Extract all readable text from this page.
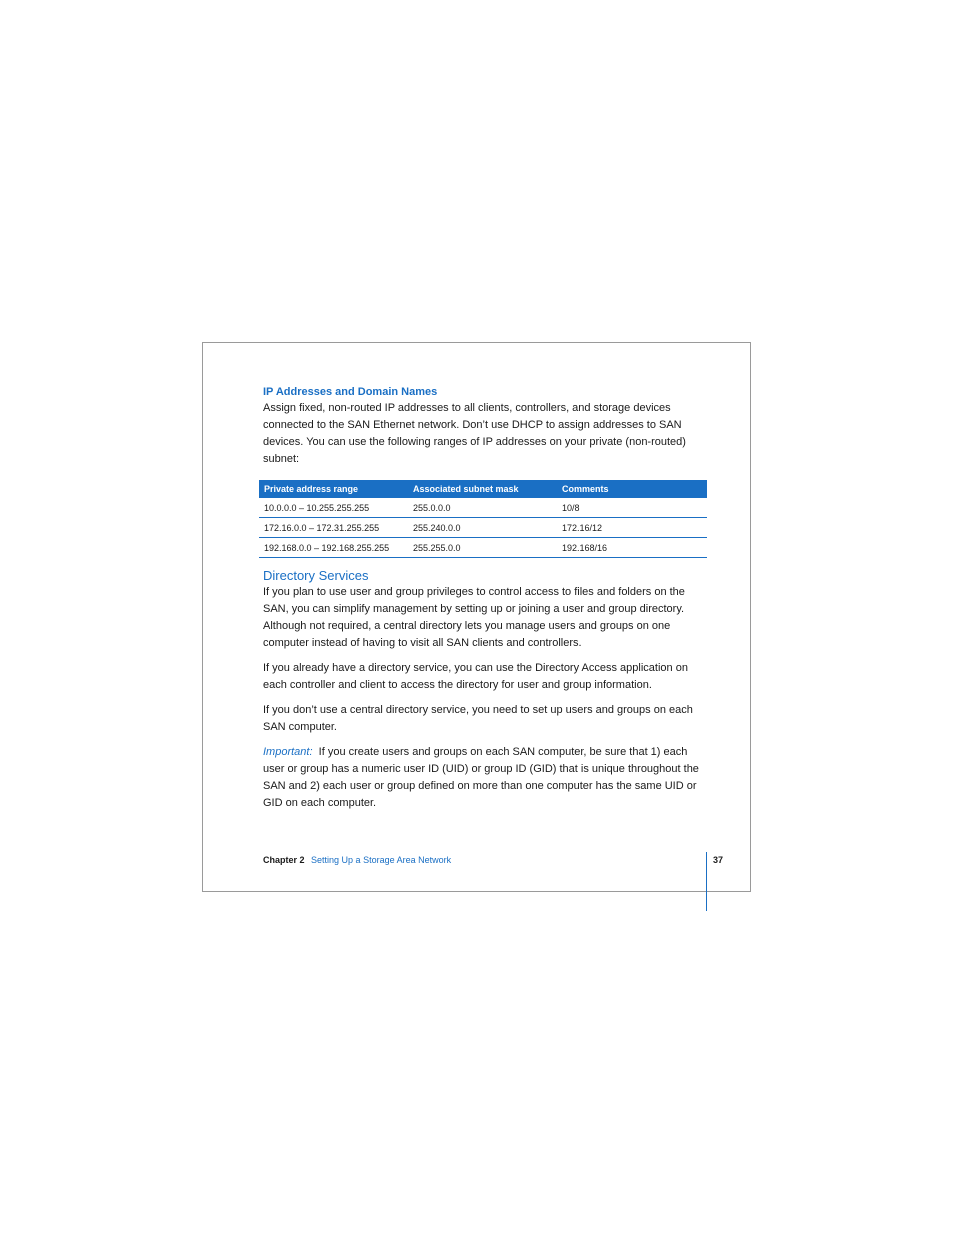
IP Addresses and Domain Names

Assign fixed, non-routed IP addresses to all clients, controllers, and storage devices connected to the SAN Ethernet network. Don’t use DHCP to assign addresses to SAN devices. You can use the following ranges of IP addresses on your private (non-routed) subnet:

Private address range	Associated subnet mask	Comments
10.0.0.0 – 10.255.255.255	255.0.0.0	10/8
172.16.0.0 – 172.31.255.255	255.240.0.0	172.16/12
192.168.0.0 – 192.168.255.255	255.255.0.0	192.168/16
Directory Services

If you plan to use user and group privileges to control access to files and folders on the SAN, you can simplify management by setting up or joining a user and group directory. Although not required, a central directory lets you manage users and groups on one computer instead of having to visit all SAN clients and controllers.

If you already have a directory service, you can use the Directory Access application on each controller and client to access the directory for user and group information.

If you don’t use a central directory service, you need to set up users and groups on each SAN computer.

Important: If you create users and groups on each SAN computer, be sure that 1) each user or group has a numeric user ID (UID) or group ID (GID) that is unique throughout the SAN and 2) each user or group defined on more than one computer has the same UID or GID on each computer.

Chapter 2 Setting Up a Storage Area Network	37
